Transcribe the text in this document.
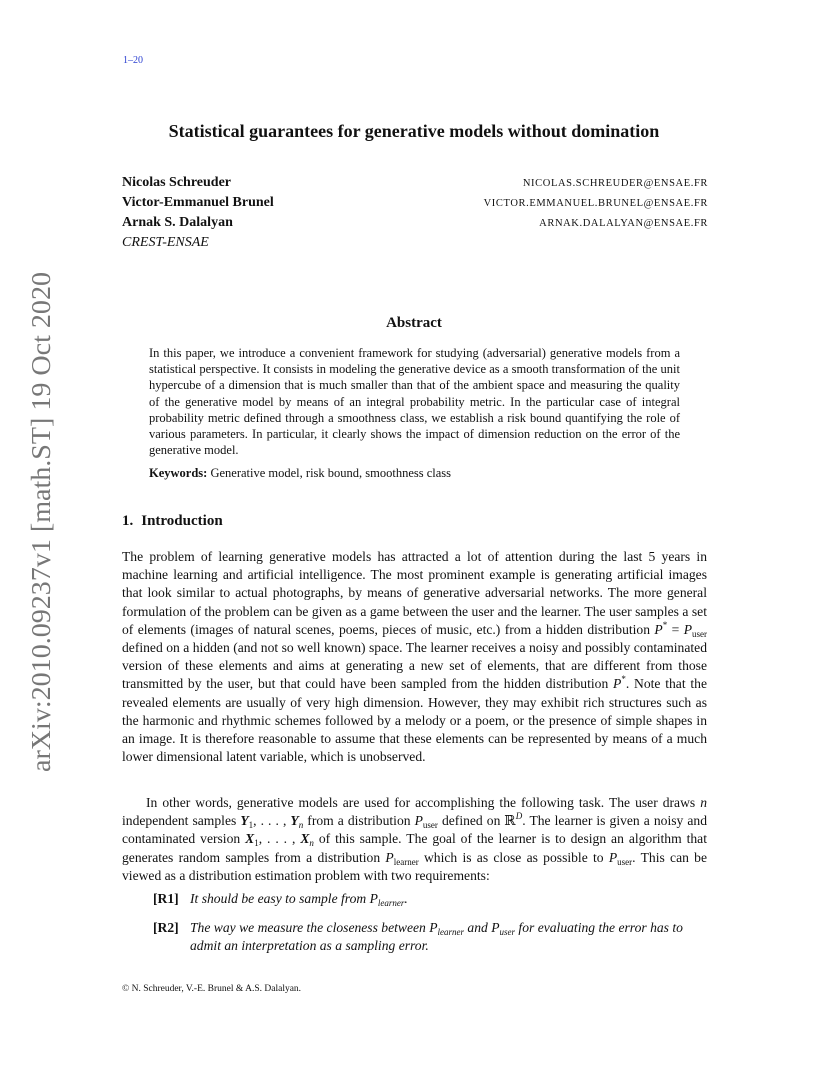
1–20
arXiv:2010.09237v1 [math.ST] 19 Oct 2020
Statistical guarantees for generative models without domination
Nicolas Schreuder	NICOLAS.SCHREUDER@ENSAE.FR
Victor-Emmanuel Brunel	VICTOR.EMMANUEL.BRUNEL@ENSAE.FR
Arnak S. Dalalyan	ARNAK.DALALYAN@ENSAE.FR
CREST-ENSAE
Abstract
In this paper, we introduce a convenient framework for studying (adversarial) generative models from a statistical perspective. It consists in modeling the generative device as a smooth transformation of the unit hypercube of a dimension that is much smaller than that of the ambient space and measuring the quality of the generative model by means of an integral probability metric. In the particular case of integral probability metric defined through a smoothness class, we establish a risk bound quantifying the role of various parameters. In particular, it clearly shows the impact of dimension reduction on the error of the generative model.
Keywords: Generative model, risk bound, smoothness class
1. Introduction
The problem of learning generative models has attracted a lot of attention during the last 5 years in machine learning and artificial intelligence. The most prominent example is generating artificial images that look similar to actual photographs, by means of generative adversarial networks. The more general formulation of the problem can be given as a game between the user and the learner. The user samples a set of elements (images of natural scenes, poems, pieces of music, etc.) from a hidden distribution $P^* = P_{user}$ defined on a hidden (and not so well known) space. The learner receives a noisy and possibly contaminated version of these elements and aims at generating a new set of elements, that are different from those transmitted by the user, but that could have been sampled from the hidden distribution P*. Note that the revealed elements are usually of very high dimension. However, they may exhibit rich structures such as the harmonic and rhythmic schemes followed by a melody or a poem, or the presence of simple shapes in an image. It is therefore reasonable to assume that these elements can be represented by means of a much lower dimensional latent variable, which is unobserved.
In other words, generative models are used for accomplishing the following task. The user draws n independent samples $Y_1$, . . . , $Y_n$ from a distribution $P_{user}$ defined on ℝ$^D$. The learner is given a noisy and contaminated version $X_1$, . . . , $X_n$ of this sample. The goal of the learner is to design an algorithm that generates random samples from a distribution $P_{learner}$ which is as close as possible to $P_{user}$. This can be viewed as a distribution estimation problem with two requirements:
[R1] It should be easy to sample from $P_{learner}$.
[R2] The way we measure the closeness between $P_{learner}$ and $P_{user}$ for evaluating the error has to admit an interpretation as a sampling error.
© N. Schreuder, V.-E. Brunel & A.S. Dalalyan.
